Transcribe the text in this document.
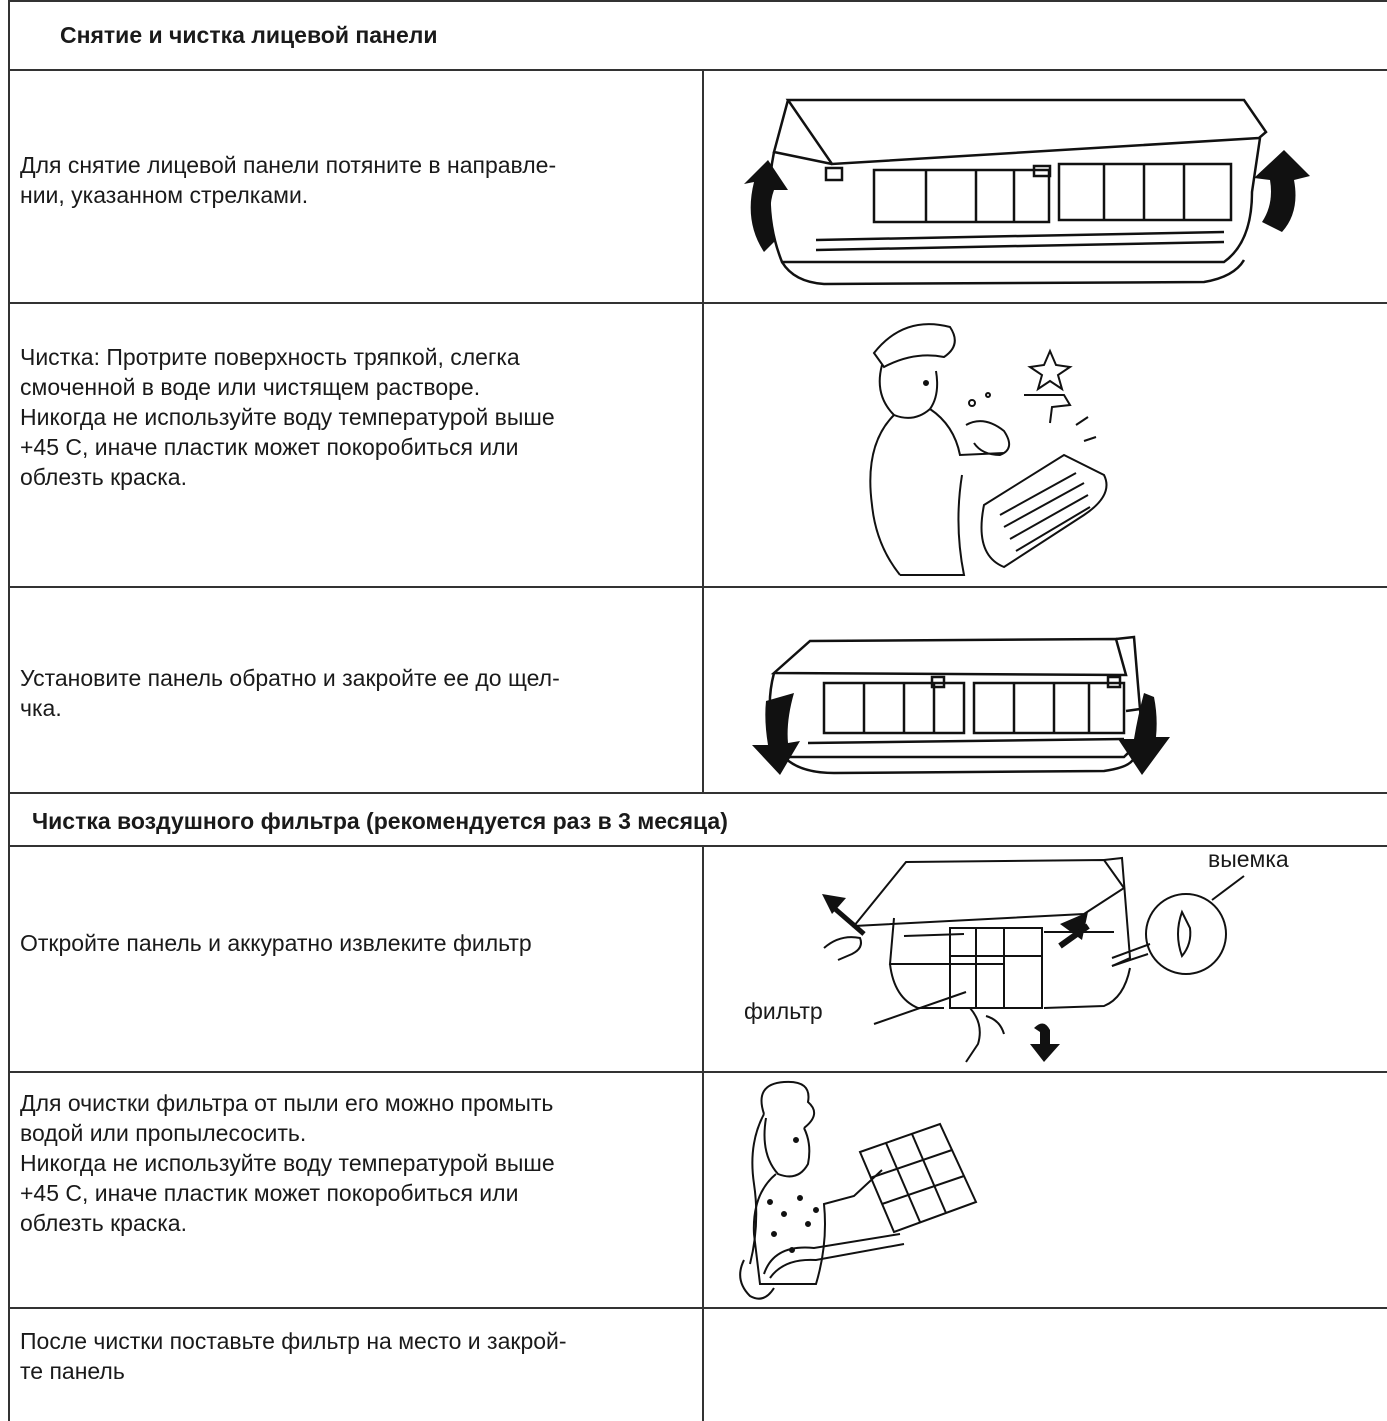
Снятие и чистка лицевой панели

Для снятие лицевой панели потяните в направле-

нии, указанном стрелками.

Чистка: Протрите поверхность тряпкой, слегка

смоченной в воде или чистящем растворе.

Никогда не используйте воду температурой выше

+45 С, иначе пластик может покоробиться или

облезть краска.

Установите панель обратно и закройте ее до щел-

чка.

Чистка воздушного фильтра (рекомендуется раз в 3 месяца)

Откройте панель и аккуратно извлеките фильтр

выемка
фильтр

Для очистки фильтра от пыли его можно промыть

водой или пропылесосить.

Никогда не используйте воду температурой выше

+45 С, иначе пластик может покоробиться или

облезть краска.

После чистки поставьте фильтр на место и закрой-

те панель
